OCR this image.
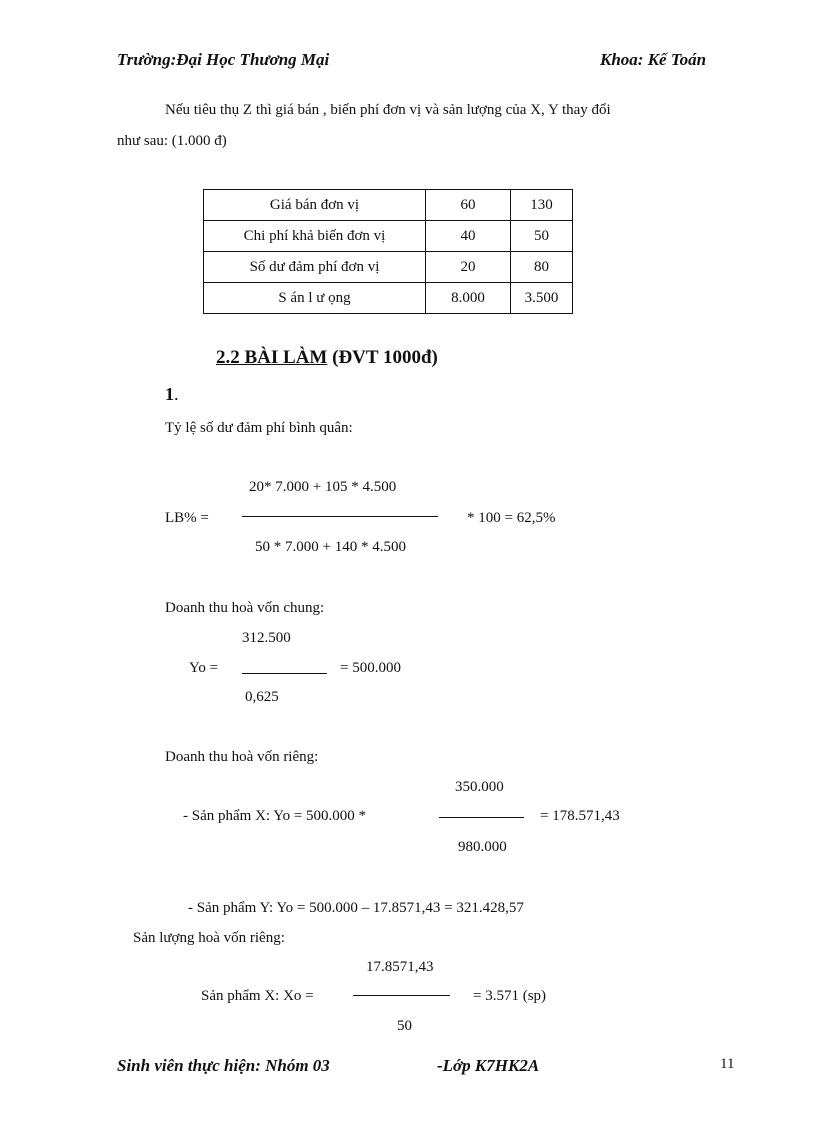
Trường:Đại Học Thương Mại	Khoa: Kế Toán
Nếu tiêu thụ Z thì giá bán , biến phí đơn vị và sản lượng của X, Y thay đổi
như sau: (1.000 đ)
Giá bán đơn vị	60	130
Chi phí khả biến đơn vị	40	50
Số dư đảm phí đơn vị	20	80
S án l ư ọng	8.000	3.500
2.2 BÀI LÀM (ĐVT 1000đ)
1.
Tỷ lệ số dư đảm phí bình quân:
20* 7.000 + 105 * 4.500
LB% =	* 100 = 62,5%
50 * 7.000 + 140 * 4.500
Doanh thu hoà vốn chung:
312.500
Yo =	= 500.000
0,625
Doanh thu hoà vốn riêng:
350.000
- Sản phẩm X: Yo = 500.000 *	= 178.571,43
980.000
- Sản phẩm Y: Yo = 500.000 – 17.8571,43 = 321.428,57
Sản lượng hoà vốn riêng:
17.8571,43
Sản phẩm X: Xo =	= 3.571 (sp)
50
Sinh viên thực hiện: Nhóm 03	-Lớp K7HK2A	11
